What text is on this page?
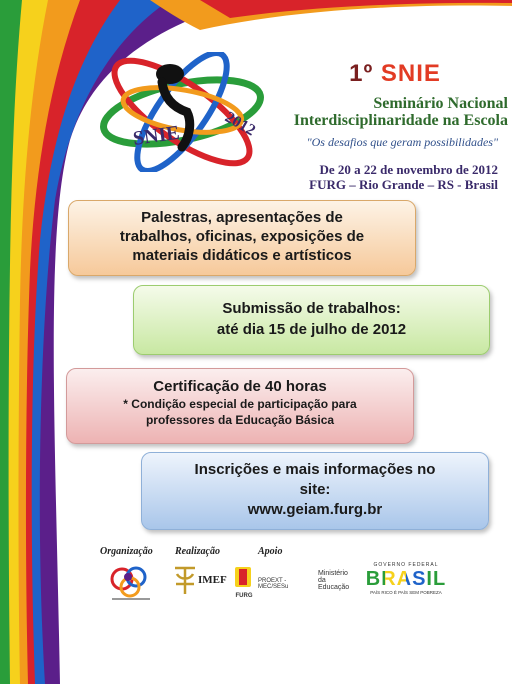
SNIE	2012
1º SNIE
Seminário Nacional
Interdisciplinaridade na Escola
"Os desafios que geram possibilidades"
De 20 a 22 de novembro de 2012
FURG – Rio Grande – RS - Brasil
Palestras, apresentações de
trabalhos, oficinas, exposições de
materiais didáticos e artísticos
Submissão de trabalhos:
até dia 15 de julho de 2012
Certificação de 40 horas
* Condição especial de participação para
professores da Educação Básica
Inscrições e mais informações no
site:
www.geiam.furg.br
Organização Realização	Apoio
IMEF
FURG
PROEXT - MEC/SESu
Ministério da
Educação
GOVERNO FEDERAL
BRASIL
PAÍS RICO É PAÍS SEM POBREZA
